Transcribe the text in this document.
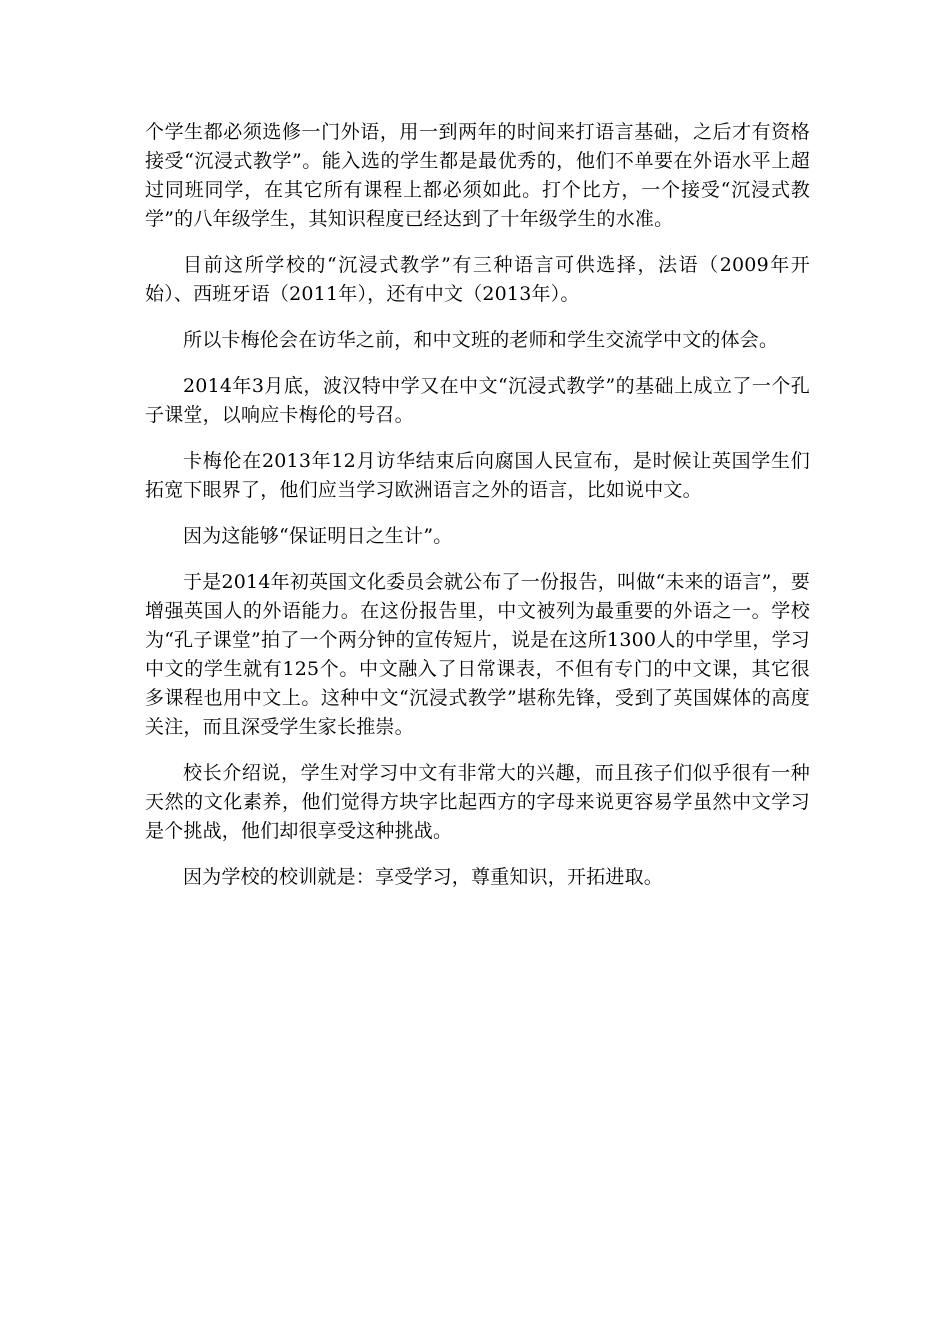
个学生都必须选修一门外语，用一到两年的时间来打语言基础，之后才有资格接受“沉浸式教学”。能入选的学生都是最优秀的，他们不单要在外语水平上超过同班同学，在其它所有课程上都必须如此。打个比方，一个接受“沉浸式教学”的八年级学生，其知识程度已经达到了十年级学生的水准。

目前这所学校的“沉浸式教学”有三种语言可供选择，法语（2009年开始）、西班牙语（2011年），还有中文（2013年）。

所以卡梅伦会在访华之前，和中文班的老师和学生交流学中文的体会。

2014年3月底，波汉特中学又在中文“沉浸式教学”的基础上成立了一个孔子课堂，以响应卡梅伦的号召。

卡梅伦在2013年12月访华结束后向腐国人民宣布，是时候让英国学生们拓宽下眼界了，他们应当学习欧洲语言之外的语言，比如说中文。

因为这能够“保证明日之生计”。

于是2014年初英国文化委员会就公布了一份报告，叫做“未来的语言”，要增强英国人的外语能力。在这份报告里，中文被列为最重要的外语之一。学校为“孔子课堂”拍了一个两分钟的宣传短片，说是在这所1300人的中学里，学习中文的学生就有125个。中文融入了日常课表，不但有专门的中文课，其它很多课程也用中文上。这种中文“沉浸式教学”堪称先锋，受到了英国媒体的高度关注，而且深受学生家长推崇。

校长介绍说，学生对学习中文有非常大的兴趣，而且孩子们似乎很有一种天然的文化素养，他们觉得方块字比起西方的字母来说更容易学虽然中文学习是个挑战，他们却很享受这种挑战。

因为学校的校训就是：享受学习，尊重知识，开拓进取。
